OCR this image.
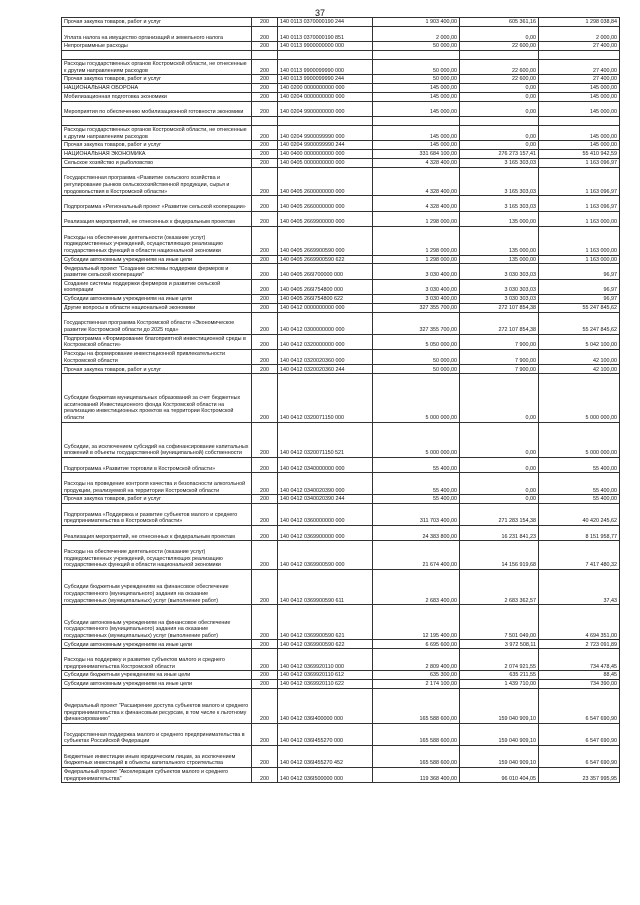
37
Прочая закупка товаров, работ и услуг	200	140 0113 0370000190 244	1 903 400,00	605 361,16	1 298 038,84
Уплата налога на имущество организаций и земельного налога	200	140 0113 0370000190 851	2 000,00	0,00	2 000,00
Непрограммные расходы	200	140 0113 9900000000 000	50 000,00	22 600,00	27 400,00

Расходы государственных органов Костромской области, не отнесенные к другим направлениям расходов	200	140 0113 9900099990 000	50 000,00	22 600,00	27 400,00
Прочая закупка товаров, работ и услуг	200	140 0113 9900099990 244	50 000,00	22 600,00	27 400,00
НАЦИОНАЛЬНАЯ ОБОРОНА	200	140 0200 0000000000 000	145 000,00	0,00	145 000,00
Мобилизационная подготовка экономики	200	140 0204 0000000000 000	145 000,00	0,00	145 000,00
Мероприятия по обеспечению мобилизационной готовности экономики	200	140 0204 9900000000 000	145 000,00	0,00	145 000,00

Расходы государственных органов Костромской области, не отнесенные к другим направлениям расходов	200	140 0204 9900099990 000	145 000,00	0,00	145 000,00
Прочая закупка товаров, работ и услуг	200	140 0204 9900099990 244	145 000,00	0,00	145 000,00
НАЦИОНАЛЬНАЯ ЭКОНОМИКА	200	140 0400 0000000000 000	331 684 100,00	276 273 157,41	55 410 942,59
Сельское хозяйство и рыболовство	200	140 0405 0000000000 000	4 328 400,00	3 165 303,03	1 163 096,97
Государственная программа «Развитие сельского хозяйства и регулирование рынков сельскохозяйственной продукции, сырья и продовольствия в Костромской области»	200	140 0405 2600000000 000	4 328 400,00	3 165 303,03	1 163 096,97
Подпрограмма «Региональный проект «Развитие сельской кооперации»	200	140 0405 2660000000 000	4 328 400,00	3 165 303,03	1 163 096,97
Реализация мероприятий, не отнесенных к федеральным проектам	200	140 0405 2669900000 000	1 298 000,00	135 000,00	1 163 000,00
Расходы на обеспечение деятельности (оказание услуг) подведомственных учреждений, осуществляющих реализацию государственных функций в области национальной экономики	200	140 0405 2669900590 000	1 298 000,00	135 000,00	1 163 000,00
Субсидии автономным учреждениям на иные цели	200	140 0405 2669900590 622	1 298 000,00	135 000,00	1 163 000,00
Федеральный проект "Создание системы поддержки фермеров и развитие сельской кооперации"	200	140 0405 266I700000 000	3 030 400,00	3 030 303,03	96,97
Создание системы поддержки фермеров и развитие сельской кооперации	200	140 0405 266I754800 000	3 030 400,00	3 030 303,03	96,97
Субсидии автономным учреждениям на иные цели	200	140 0405 266I754800 622	3 030 400,00	3 030 303,03	96,97
Другие вопросы в области национальной экономики	200	140 0412 0000000000 000	327 355 700,00	272 107 854,38	55 247 845,62
Государственная программа Костромской области «Экономическое развитие Костромской области до 2025 года»	200	140 0412 0300000000 000	327 355 700,00	272 107 854,38	55 247 845,62
Подпрограмма «Формирование благоприятной инвестиционной среды в Костромской области»	200	140 0412 0320000000 000	5 050 000,00	7 900,00	5 042 100,00
Расходы на формирование инвестиционной привлекательности Костромской области	200	140 0412 0320020360 000	50 000,00	7 900,00	42 100,00
Прочая закупка товаров, работ и услуг	200	140 0412 0320020360 244	50 000,00	7 900,00	42 100,00
Субсидии бюджетам муниципальных образований за счет бюджетных ассигнований Инвестиционного фонда Костромской области на реализацию инвестиционных проектов на территории Костромской области	200	140 0412 0320071150 000	5 000 000,00	0,00	5 000 000,00
Субсидии, за исключением субсидий на софинансирование капитальных вложений в объекты государственной (муниципальной) собственности	200	140 0412 0320071150 521	5 000 000,00	0,00	5 000 000,00
Подпрограмма «Развитие торговли в Костромской области»	200	140 0412 0340000000 000	55 400,00	0,00	55 400,00
Расходы на проведение контроля качества и безопасности алкогольной продукции, реализуемой на территории Костромской области	200	140 0412 0340020390 000	55 400,00	0,00	55 400,00
Прочая закупка товаров, работ и услуг	200	140 0412 0340020390 244	55 400,00	0,00	55 400,00
Подпрограмма «Поддержка и развитие субъектов малого и среднего предпринимательства в Костромской области»	200	140 0412 0360000000 000	311 703 400,00	271 283 154,38	40 420 245,62
Реализация мероприятий, не отнесенных к федеральным проектам	200	140 0412 0369900000 000	24 383 800,00	16 231 841,23	8 151 958,77
Расходы на обеспечение деятельности (оказание услуг) подведомственных учреждений, осуществляющих реализацию государственных функций в области национальной экономики	200	140 0412 0369900590 000	21 674 400,00	14 156 919,68	7 417 480,32
Субсидии бюджетным учреждениям на финансовое обеспечение государственного (муниципального) задания на оказание государственных (муниципальных) услуг (выполнение работ)	200	140 0412 0369900590 611	2 683 400,00	2 683 362,57	37,43
Субсидии автономным учреждениям на финансовое обеспечение государственного (муниципального) задания на оказание государственных (муниципальных) услуг (выполнение работ)	200	140 0412 0369900590 621	12 195 400,00	7 501 049,00	4 694 351,00
Субсидии автономным учреждениям на иные цели	200	140 0412 0369900590 622	6 695 600,00	3 972 508,11	2 723 091,89
Расходы на поддержку и развитие субъектов малого и среднего предпринимательства Костромской области	200	140 0412 0369920110 000	2 809 400,00	2 074 921,55	734 478,45
Субсидии бюджетным учреждениям на иные цели	200	140 0412 0369920110 612	635 300,00	635 211,55	88,45
Субсидии автономным учреждениям на иные цели	200	140 0412 0369920110 622	2 174 100,00	1 439 710,00	734 390,00
Федеральный проект "Расширение доступа субъектов малого и среднего предпринимательства к финансовым ресурсам, в том числе к льготному финансированию"	200	140 0412 036I400000 000	165 588 600,00	159 040 909,10	6 547 690,90
Государственная поддержка малого и среднего предпринимательства в субъектах Российской Федерации	200	140 0412 036I455270 000	165 588 600,00	159 040 909,10	6 547 690,90
Бюджетные инвестиции иным юридическим лицам, за исключением бюджетных инвестиций в объекты капитального строительства	200	140 0412 036I455270 452	165 588 600,00	159 040 909,10	6 547 690,90
Федеральный проект "Акселерация субъектов малого и среднего предпринимательства"	200	140 0412 036I500000 000	119 368 400,00	96 010 404,05	23 357 995,95
